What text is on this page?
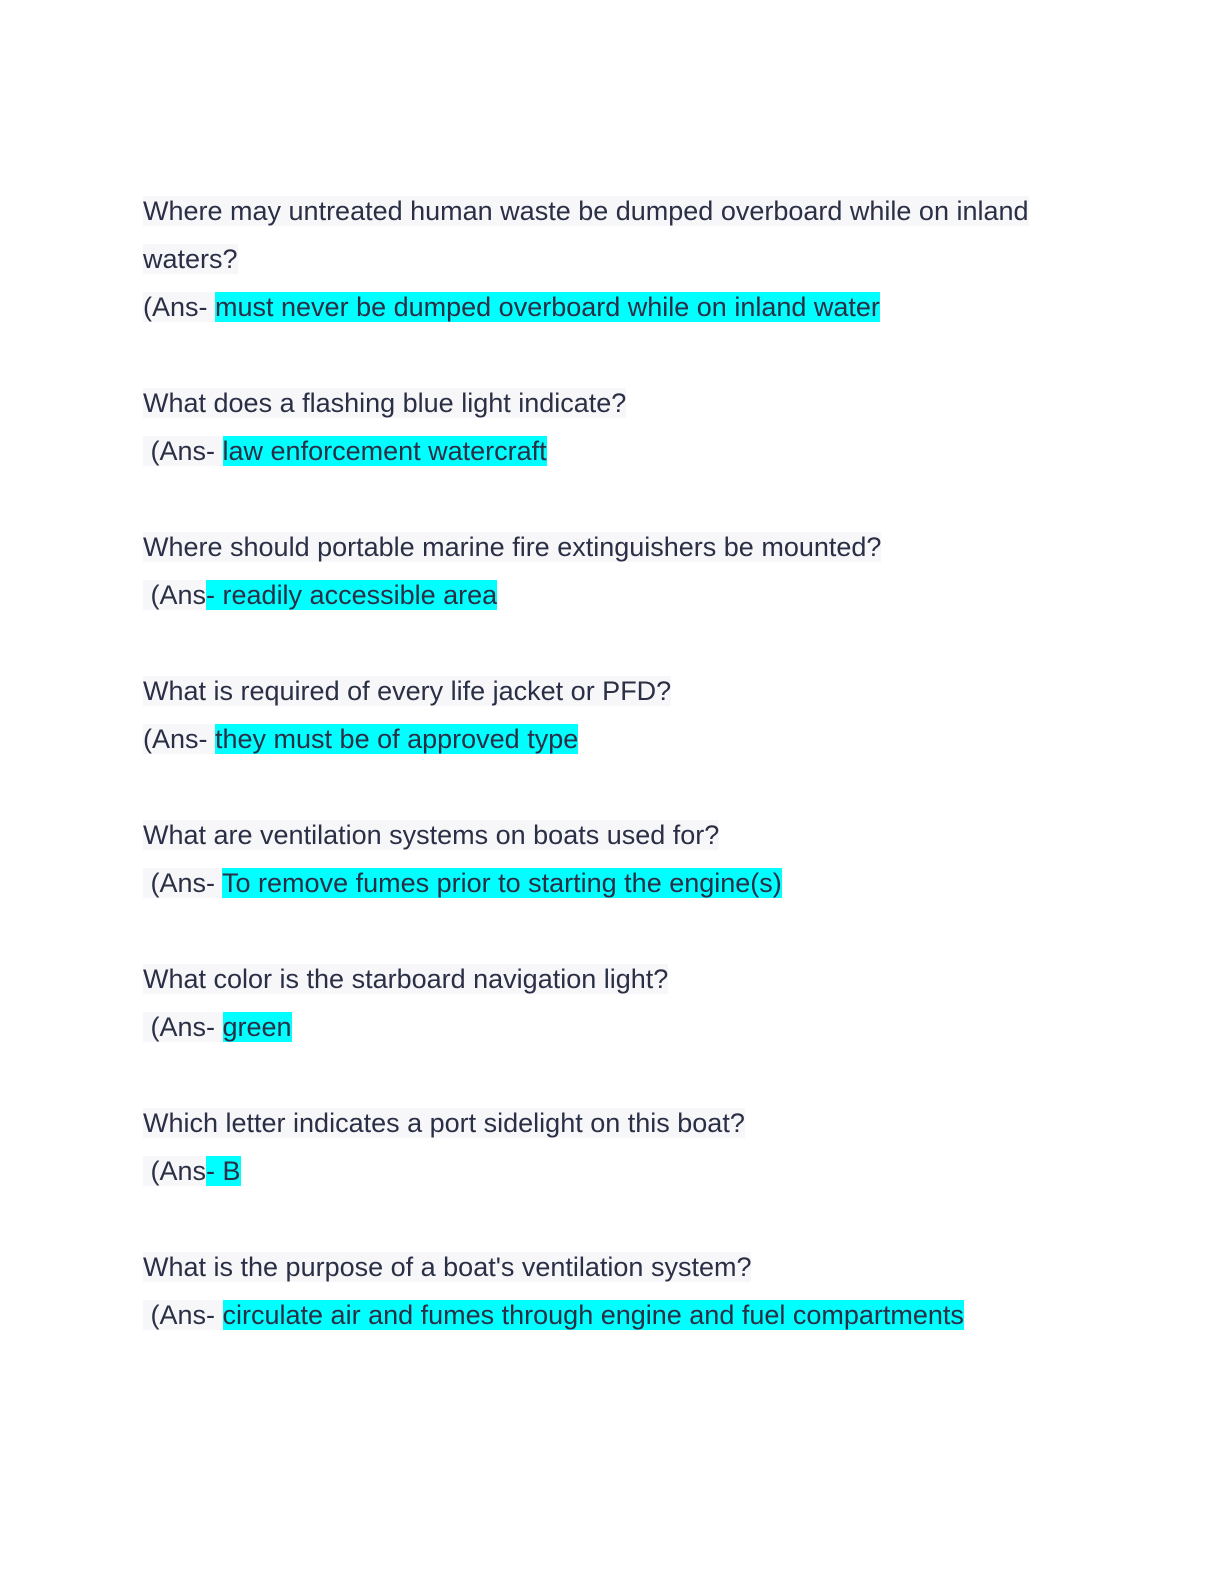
Where may untreated human waste be dumped overboard while on inland
waters?
(Ans- must never be dumped overboard while on inland water
What does a flashing blue light indicate?
(Ans- law enforcement watercraft
Where should portable marine fire extinguishers be mounted?
(Ans- readily accessible area
What is required of every life jacket or PFD?
(Ans- they must be of approved type
What are ventilation systems on boats used for?
(Ans- To remove fumes prior to starting the engine(s)
What color is the starboard navigation light?
(Ans- green
Which letter indicates a port sidelight on this boat?
(Ans- B
What is the purpose of a boat's ventilation system?
(Ans- circulate air and fumes through engine and fuel compartments
